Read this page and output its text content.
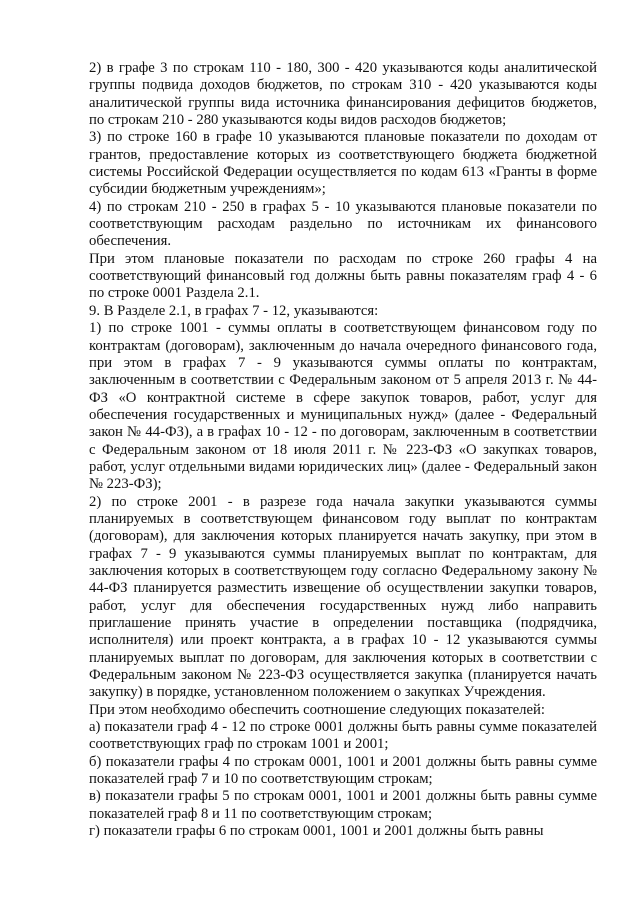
2) в графе 3 по строкам 110 - 180, 300 - 420 указываются коды аналитической группы подвида доходов бюджетов, по строкам 310 - 420 указываются коды аналитической группы вида источника финансирования дефицитов бюджетов, по строкам 210 - 280 указываются коды видов расходов бюджетов;

3) по строке 160 в графе 10 указываются плановые показатели по доходам от грантов, предоставление которых из соответствующего бюджета бюджетной системы Российской Федерации осуществляется по кодам 613 «Гранты в форме субсидии бюджетным учреждениям»;

4) по строкам 210 - 250 в графах 5 - 10 указываются плановые показатели по соответствующим расходам раздельно по источникам их финансового обеспечения.

При этом плановые показатели по расходам по строке 260 графы 4 на соответствующий финансовый год должны быть равны показателям граф 4 - 6 по строке 0001 Раздела 2.1.

9. В Разделе 2.1, в графах 7 - 12, указываются:

1) по строке 1001 - суммы оплаты в соответствующем финансовом году по контрактам (договорам), заключенным до начала очередного финансового года, при этом в графах 7 - 9 указываются суммы оплаты по контрактам, заключенным в соответствии с Федеральным законом от 5 апреля 2013 г. № 44-ФЗ «О контрактной системе в сфере закупок товаров, работ, услуг для обеспечения государственных и муниципальных нужд» (далее - Федеральный закон № 44-ФЗ), а в графах 10 - 12 - по договорам, заключенным в соответствии с Федеральным законом от 18 июля 2011 г. № 223-ФЗ «О закупках товаров, работ, услуг отдельными видами юридических лиц» (далее - Федеральный закон № 223-ФЗ);

2) по строке 2001 - в разрезе года начала закупки указываются суммы планируемых в соответствующем финансовом году выплат по контрактам (договорам), для заключения которых планируется начать закупку, при этом в графах 7 - 9 указываются суммы планируемых выплат по контрактам, для заключения которых в соответствующем году согласно Федеральному закону № 44-ФЗ планируется разместить извещение об осуществлении закупки товаров, работ, услуг для обеспечения государственных нужд либо направить приглашение принять участие в определении поставщика (подрядчика, исполнителя) или проект контракта, а в графах 10 - 12 указываются суммы планируемых выплат по договорам, для заключения которых в соответствии с Федеральным законом № 223-ФЗ осуществляется закупка (планируется начать закупку) в порядке, установленном положением о закупках Учреждения.

При этом необходимо обеспечить соотношение следующих показателей:

а) показатели граф 4 - 12 по строке 0001 должны быть равны сумме показателей соответствующих граф по строкам 1001 и 2001;

б) показатели графы 4 по строкам 0001, 1001 и 2001 должны быть равны сумме показателей граф 7 и 10 по соответствующим строкам;

в) показатели графы 5 по строкам 0001, 1001 и 2001 должны быть равны сумме показателей граф 8 и 11 по соответствующим строкам;

г) показатели графы 6 по строкам 0001, 1001 и 2001 должны быть равны
